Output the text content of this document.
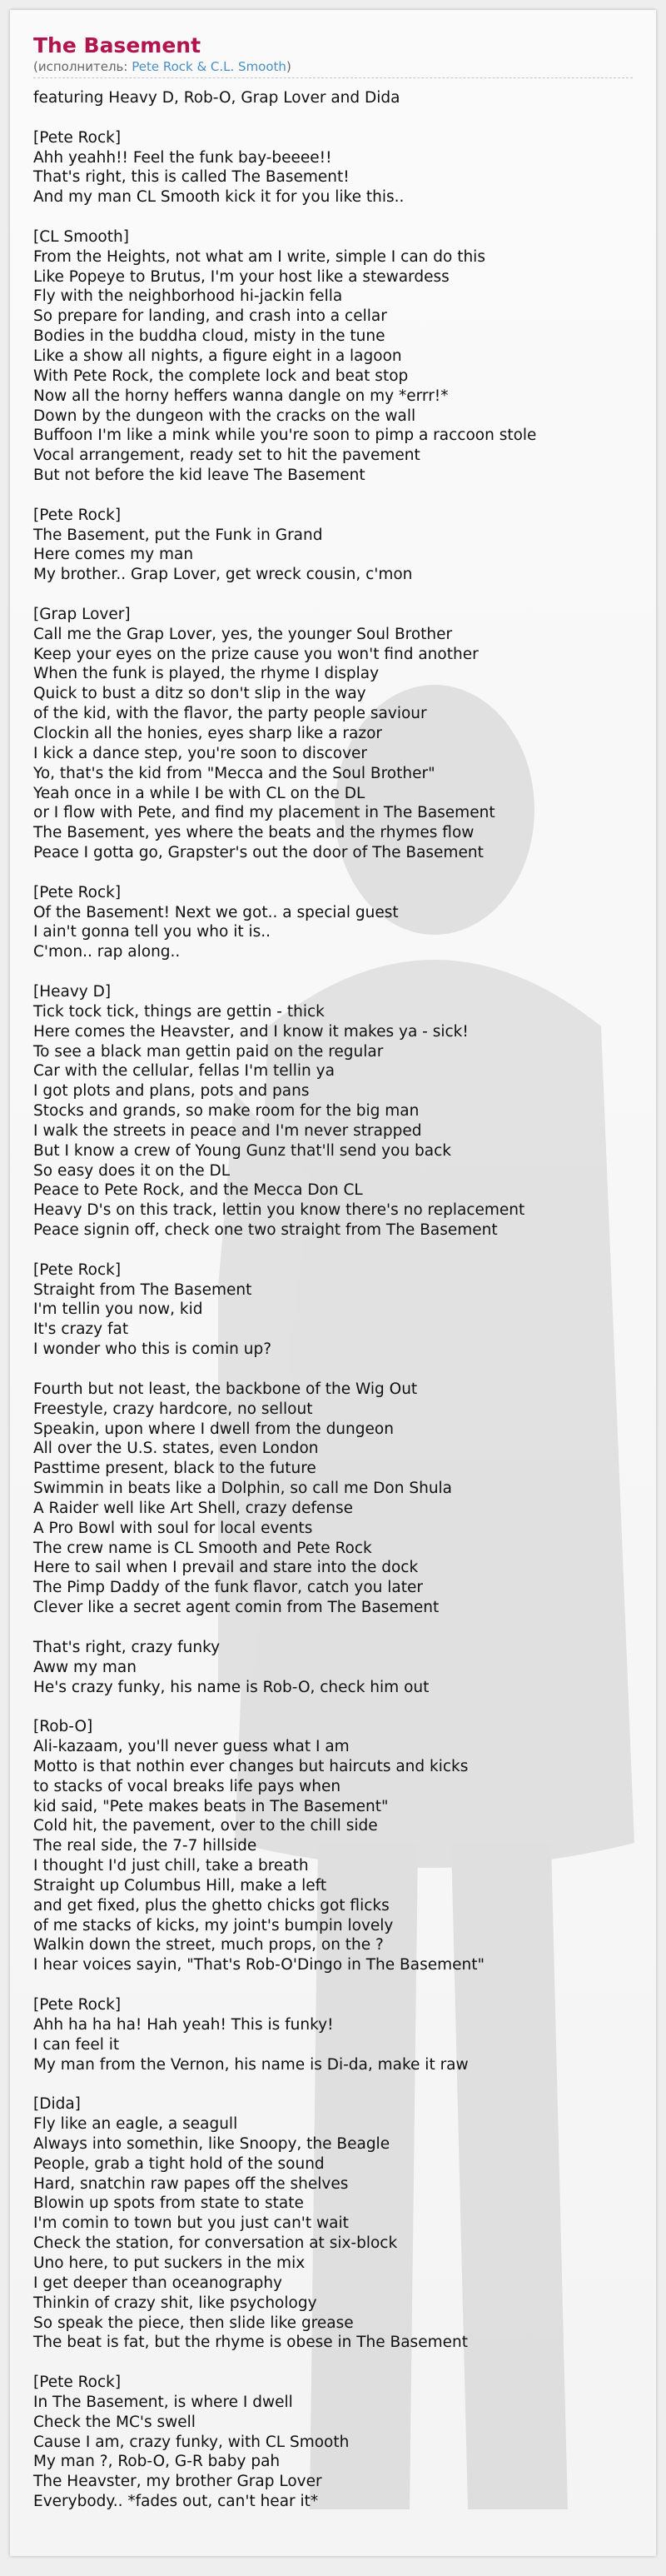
The Basement
(исполнитель: Pete Rock & C.L. Smooth)
featuring Heavy D, Rob-O, Grap Lover and Dida
[Pete Rock]
Ahh yeahh!! Feel the funk bay-beeee!!
That's right, this is called The Basement!
And my man CL Smooth kick it for you like this..
[CL Smooth]
From the Heights, not what am I write, simple I can do this
Like Popeye to Brutus, I'm your host like a stewardess
Fly with the neighborhood hi-jackin fella
So prepare for landing, and crash into a cellar
Bodies in the buddha cloud, misty in the tune
Like a show all nights, a figure eight in a lagoon
With Pete Rock, the complete lock and beat stop
Now all the horny heffers wanna dangle on my *errr!*
Down by the dungeon with the cracks on the wall
Buffoon I'm like a mink while you're soon to pimp a raccoon stole
Vocal arrangement, ready set to hit the pavement
But not before the kid leave The Basement
[Pete Rock]
The Basement, put the Funk in Grand
Here comes my man
My brother.. Grap Lover, get wreck cousin, c'mon
[Grap Lover]
Call me the Grap Lover, yes, the younger Soul Brother
Keep your eyes on the prize cause you won't find another
When the funk is played, the rhyme I display
Quick to bust a ditz so don't slip in the way
of the kid, with the flavor, the party people saviour
Clockin all the honies, eyes sharp like a razor
I kick a dance step, you're soon to discover
Yo, that's the kid from "Mecca and the Soul Brother"
Yeah once in a while I be with CL on the DL
or I flow with Pete, and find my placement in The Basement
The Basement, yes where the beats and the rhymes flow
Peace I gotta go, Grapster's out the door of The Basement
[Pete Rock]
Of the Basement! Next we got.. a special guest
I ain't gonna tell you who it is..
C'mon.. rap along..
[Heavy D]
Tick tock tick, things are gettin - thick
Here comes the Heavster, and I know it makes ya - sick!
To see a black man gettin paid on the regular
Car with the cellular, fellas I'm tellin ya
I got plots and plans, pots and pans
Stocks and grands, so make room for the big man
I walk the streets in peace and I'm never strapped
But I know a crew of Young Gunz that'll send you back
So easy does it on the DL
Peace to Pete Rock, and the Mecca Don CL
Heavy D's on this track, lettin you know there's no replacement
Peace signin off, check one two straight from The Basement
[Pete Rock]
Straight from The Basement
I'm tellin you now, kid
It's crazy fat
I wonder who this is comin up?
Fourth but not least, the backbone of the Wig Out
Freestyle, crazy hardcore, no sellout
Speakin, upon where I dwell from the dungeon
All over the U.S. states, even London
Pasttime present, black to the future
Swimmin in beats like a Dolphin, so call me Don Shula
A Raider well like Art Shell, crazy defense
A Pro Bowl with soul for local events
The crew name is CL Smooth and Pete Rock
Here to sail when I prevail and stare into the dock
The Pimp Daddy of the funk flavor, catch you later
Clever like a secret agent comin from The Basement
That's right, crazy funky
Aww my man
He's crazy funky, his name is Rob-O, check him out
[Rob-O]
Ali-kazaam, you'll never guess what I am
Motto is that nothin ever changes but haircuts and kicks
to stacks of vocal breaks life pays when
kid said, "Pete makes beats in The Basement"
Cold hit, the pavement, over to the chill side
The real side, the 7-7 hillside
I thought I'd just chill, take a breath
Straight up Columbus Hill, make a left
and get fixed, plus the ghetto chicks got flicks
of me stacks of kicks, my joint's bumpin lovely
Walkin down the street, much props, on the ?
I hear voices sayin, "That's Rob-O'Dingo in The Basement"
[Pete Rock]
Ahh ha ha ha! Hah yeah! This is funky!
I can feel it
My man from the Vernon, his name is Di-da, make it raw
[Dida]
Fly like an eagle, a seagull
Always into somethin, like Snoopy, the Beagle
People, grab a tight hold of the sound
Hard, snatchin raw papes off the shelves
Blowin up spots from state to state
I'm comin to town but you just can't wait
Check the station, for conversation at six-block
Uno here, to put suckers in the mix
I get deeper than oceanography
Thinkin of crazy shit, like psychology
So speak the piece, then slide like grease
The beat is fat, but the rhyme is obese in The Basement
[Pete Rock]
In The Basement, is where I dwell
Check the MC's swell
Cause I am, crazy funky, with CL Smooth
My man ?, Rob-O, G-R baby pah
The Heavster, my brother Grap Lover
Everybody.. *fades out, can't hear it*
